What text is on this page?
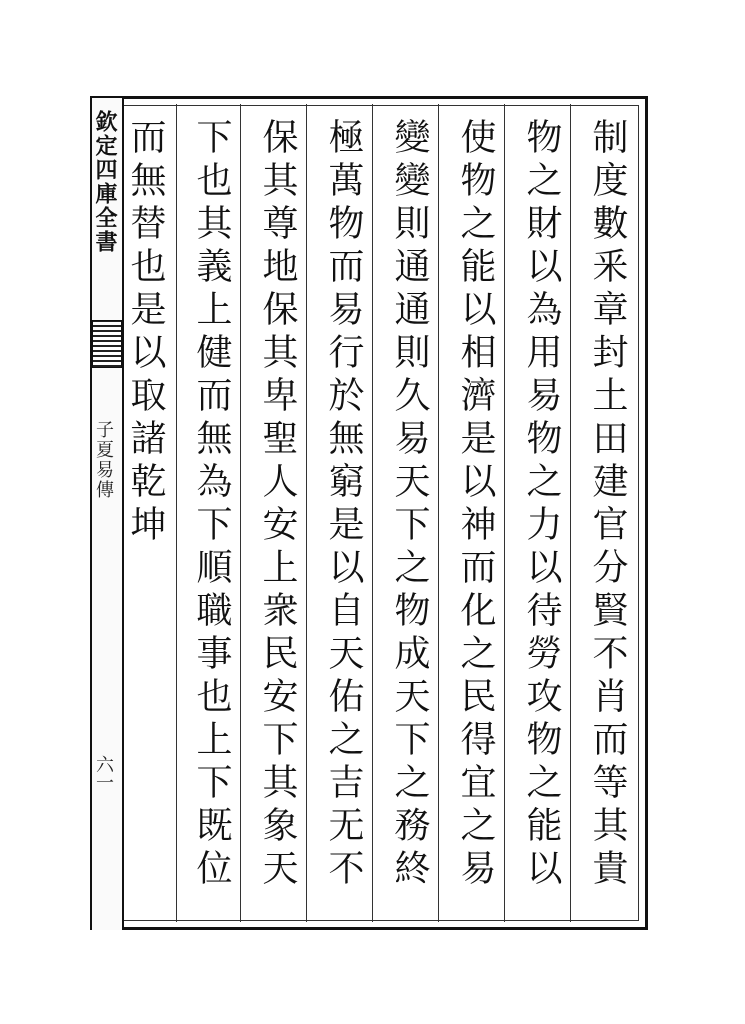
欽定四庫全書
子夏易傳
六一
制度數釆章封土田建官分賢不肖而等其貴
物之財以為用易物之力以待勞攻物之能以
使物之能以相濟是以神而化之民得宜之易
變變則通通則久易天下之物成天下之務終
極萬物而易行於無窮是以自天佑之吉无不
保其尊地保其卑聖人安上衆民安下其象天
下也其義上健而無為下順職事也上下既位
而無替也是以取諸乾坤
